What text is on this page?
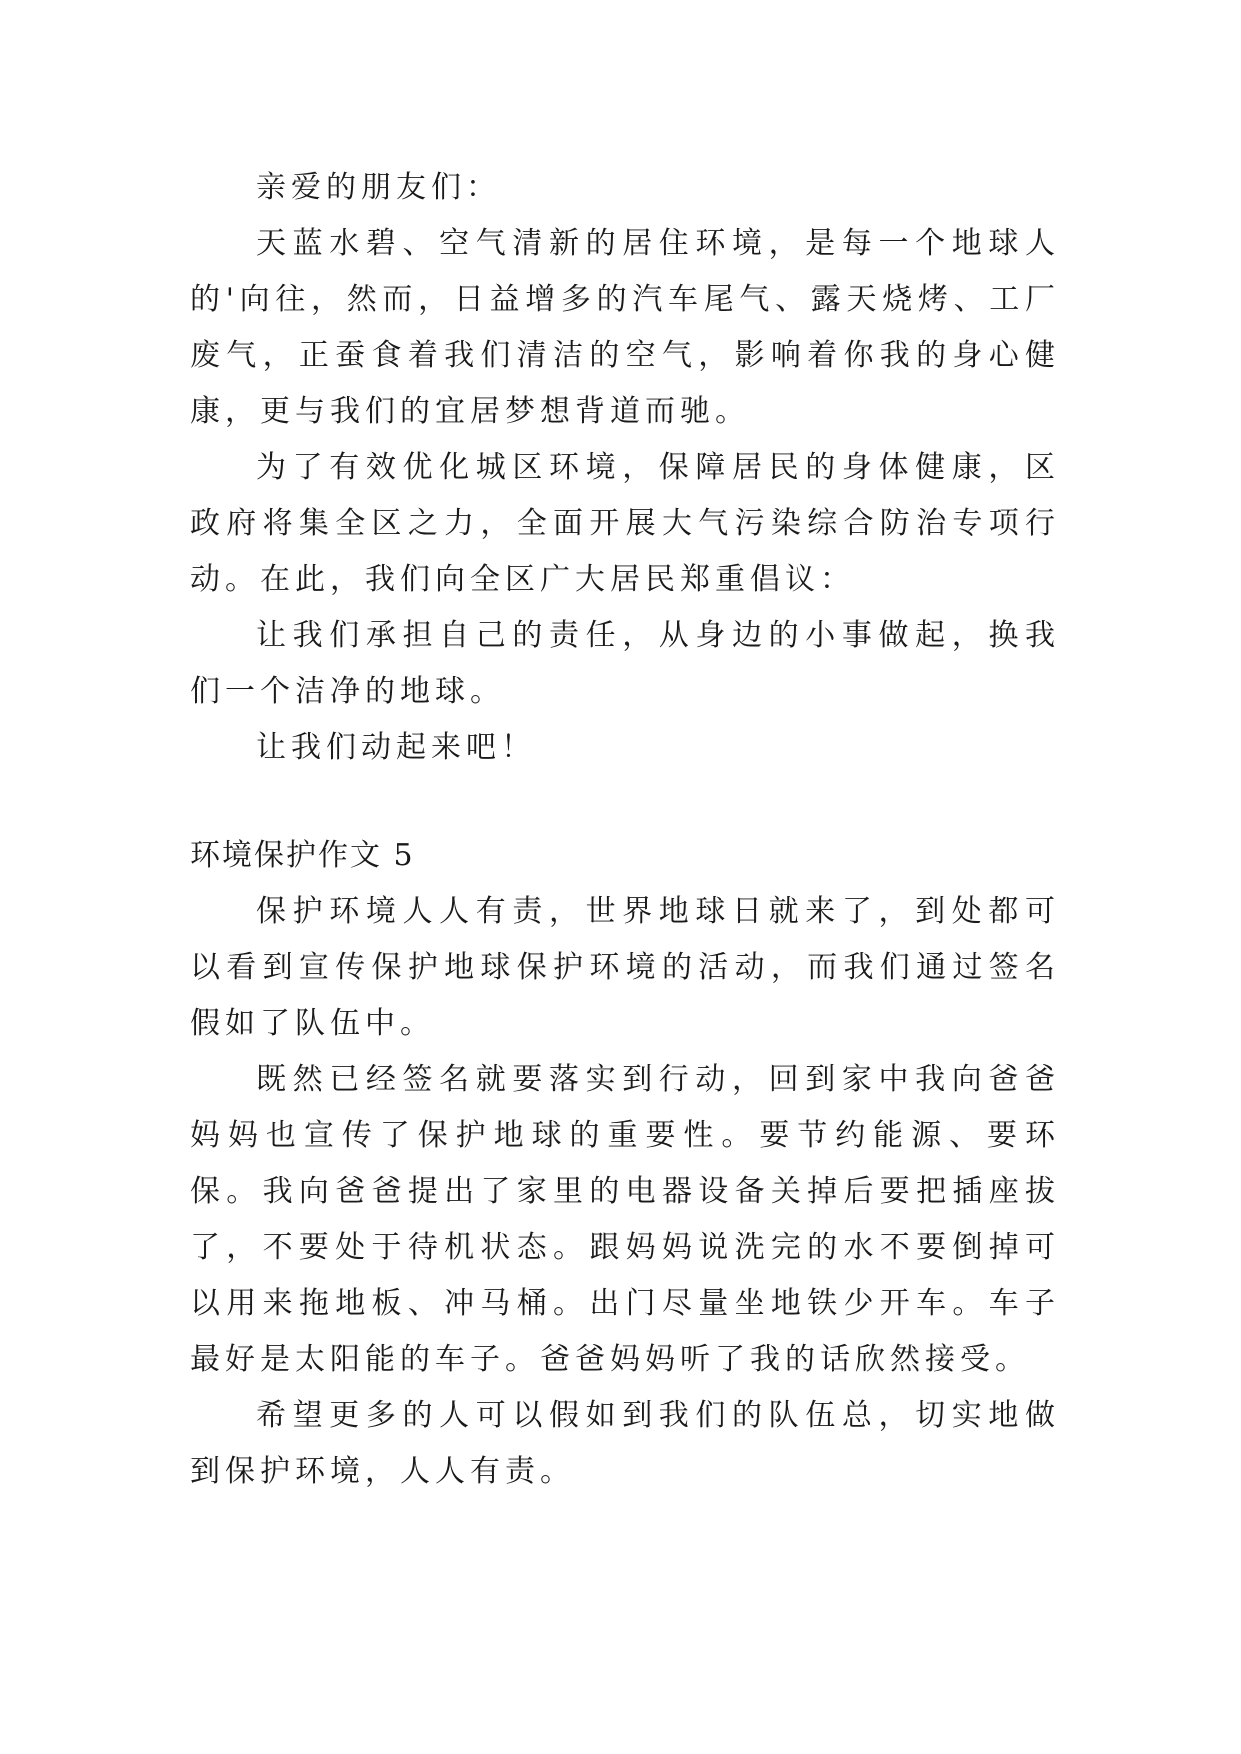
亲爱的朋友们：

天蓝水碧、空气清新的居住环境，是每一个地球人的'向往，然而，日益增多的汽车尾气、露天烧烤、工厂废气，正蚕食着我们清洁的空气，影响着你我的身心健康，更与我们的宜居梦想背道而驰。

为了有效优化城区环境，保障居民的身体健康，区政府将集全区之力，全面开展大气污染综合防治专项行动。在此，我们向全区广大居民郑重倡议：

让我们承担自己的责任，从身边的小事做起，换我们一个洁净的地球。

让我们动起来吧！

环境保护作文 5

保护环境人人有责，世界地球日就来了，到处都可以看到宣传保护地球保护环境的活动，而我们通过签名假如了队伍中。

既然已经签名就要落实到行动，回到家中我向爸爸妈妈也宣传了保护地球的重要性。要节约能源、要环保。我向爸爸提出了家里的电器设备关掉后要把插座拔了，不要处于待机状态。跟妈妈说洗完的水不要倒掉可以用来拖地板、冲马桶。出门尽量坐地铁少开车。车子最好是太阳能的车子。爸爸妈妈听了我的话欣然接受。

希望更多的人可以假如到我们的队伍总，切实地做到保护环境，人人有责。
